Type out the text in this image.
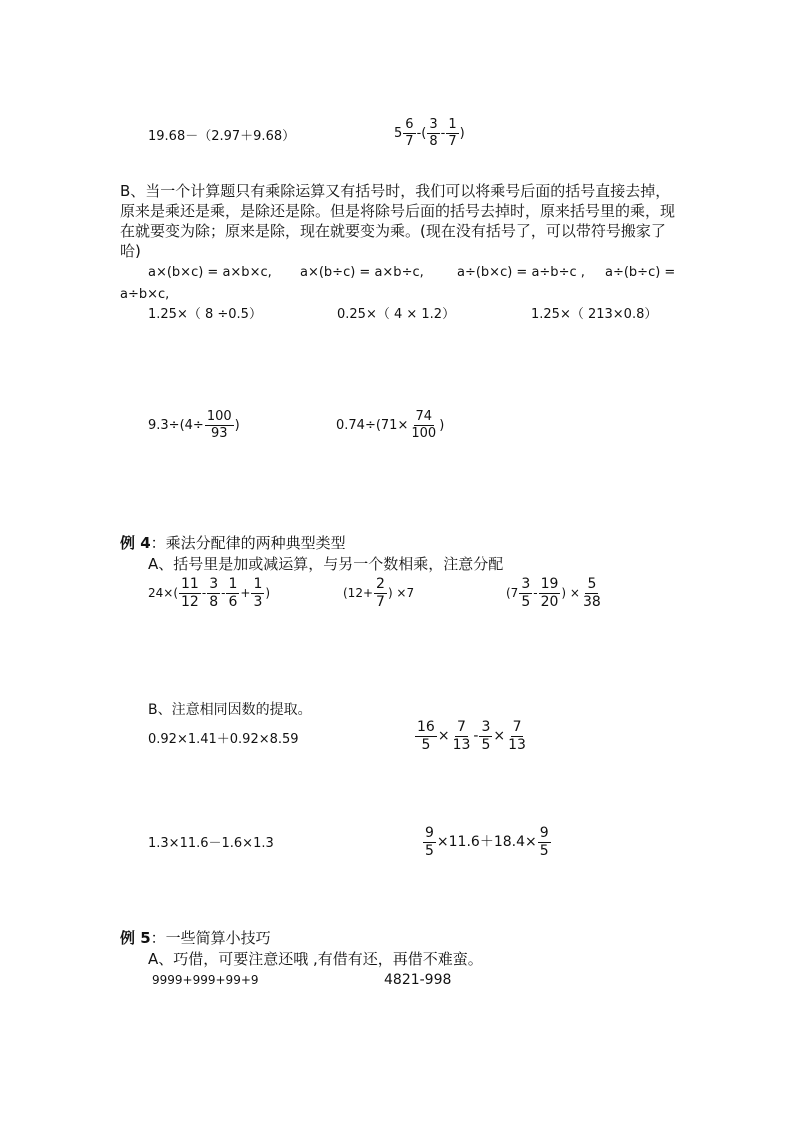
19.68－（2.97＋9.68）	$5 \frac{6}{7}$ -( $\frac{3}{8} - \frac{1}{7}$ )
B、当一个计算题只有乘除运算又有括号时，我们可以将乘号后面的括号直接去掉，原来是乘还是乘，是除还是除。但是将除号后面的括号去掉时，原来括号里的乘，现在就要变为除；原来是除，现在就要变为乘。(现在没有括号了，可以带符号搬家了哈)
a×(b×c) = a×b×c, a×(b÷c) = a×b÷c,	a÷(b×c) = a÷b÷c , a÷(b÷c) =
a÷b×c,
1.25×（ 8 ÷0.5）	0.25×（ 4 × 1.2）	1.25×（ 213×0.8）
$9.3\div(4\div \frac{100}{93}$ )	$0.74\div(71\times \frac{74}{100}$ )
例 4：乘法分配律的两种典型类型
A、括号里是加或减运算，与另一个数相乘，注意分配
$24\times( \frac{11}{12} - \frac{3}{8} - \frac{1}{6} + \frac{1}{3}$ )	($12+ \frac{2}{7}$ ) ×7	($7 \frac{3}{5} - \frac{19}{20}$ ) × $\frac{5}{38}$
B、注意相同因数的提取。
0.92×1.41＋0.92×8.59	$\frac{16}{5} \times \frac{7}{13} - \frac{3}{5} \times \frac{7}{13}$
1.3×11.6－1.6×1.3	$\frac{9}{5} \times 11.6+18.4\times \frac{9}{5}$
例 5：一些简算小技巧
A、巧借，可要注意还哦 ,有借有还，再借不难蛮。
9999+999+99+9	4821-998
